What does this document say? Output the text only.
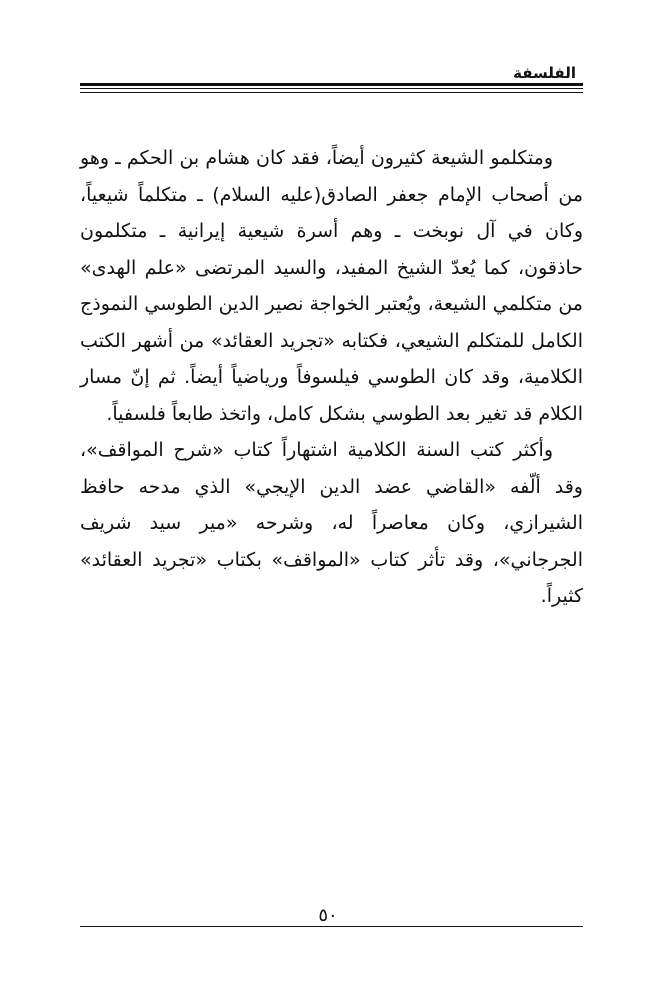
الفلسفة

ومتكلمو الشيعة كثيرون أيضاً، فقد كان هشام بن الحكم ـ وهو من أصحاب الإمام جعفر الصادق(عليه السلام) ـ متكلماً شيعياً، وكان في آل نوبخت ـ وهم أسرة شيعية إيرانية ـ متكلمون حاذقون، كما يُعدّ الشيخ المفيد، والسيد المرتضى «علم الهدى» من متكلمي الشيعة، ويُعتبر الخواجة نصير الدين الطوسي النموذج الكامل للمتكلم الشيعي، فكتابه «تجريد العقائد» من أشهر الكتب الكلامية، وقد كان الطوسي فيلسوفاً ورياضياً أيضاً. ثم إنّ مسار الكلام قد تغير بعد الطوسي بشكل كامل، واتخذ طابعاً فلسفياً.

وأكثر كتب السنة الكلامية اشتهاراً كتاب «شرح المواقف»، وقد ألّفه «القاضي عضد الدين الإيجي» الذي مدحه حافظ الشيرازي، وكان معاصراً له، وشرحه «مير سيد شريف الجرجاني»، وقد تأثر كتاب «المواقف» بكتاب «تجريد العقائد» كثيراً.

٥٠
